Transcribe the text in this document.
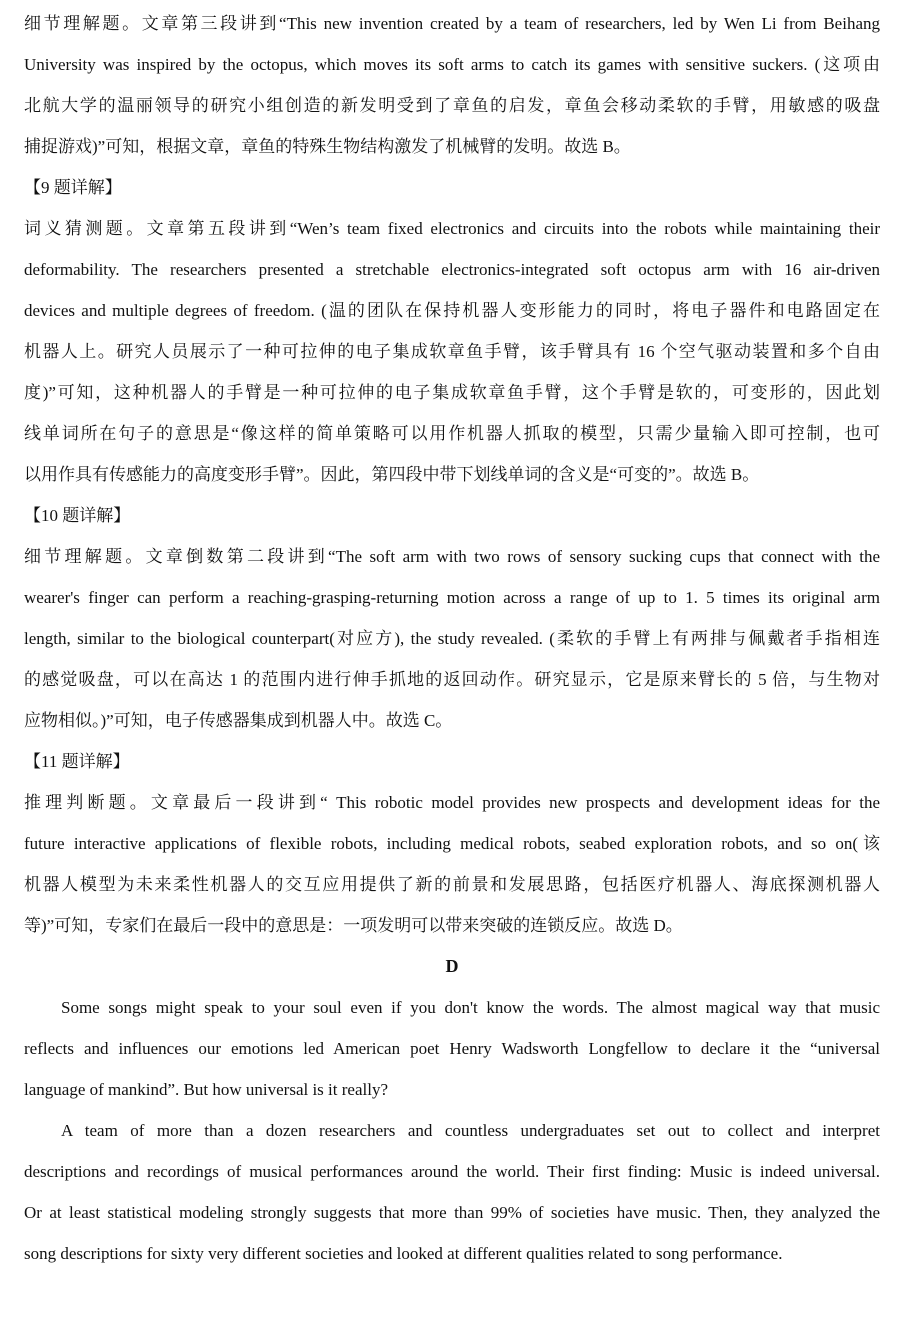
细节理解题。文章第三段讲到“This new invention created by a team of researchers, led by Wen Li from Beihang
University was inspired by the octopus, which moves its soft arms to catch its games with sensitive suckers. (这项由
北航大学的温丽领导的研究小组创造的新发明受到了章鱼的启发，章鱼会移动柔软的手臂，用敏感的吸盘
捕捉游戏)”可知，根据文章，章鱼的特殊生物结构激发了机械臂的发明。故选 B。
【9 题详解】
词义猜测题。文章第五段讲到“Wen’s team fixed electronics and circuits into the robots while maintaining their
deformability. The researchers presented a stretchable electronics-integrated soft octopus arm with 16 air-driven
devices and multiple degrees of freedom. (温的团队在保持机器人变形能力的同时，将电子器件和电路固定在
机器人上。研究人员展示了一种可拉伸的电子集成软章鱼手臂，该手臂具有 16 个空气驱动装置和多个自由
度)”可知，这种机器人的手臂是一种可拉伸的电子集成软章鱼手臂，这个手臂是软的，可变形的，因此划
线单词所在句子的意思是“像这样的简单策略可以用作机器人抓取的模型，只需少量输入即可控制，也可
以用作具有传感能力的高度变形手臂”。因此，第四段中带下划线单词的含义是“可变的”。故选 B。
【10 题详解】
细节理解题。文章倒数第二段讲到“The soft arm with two rows of sensory sucking cups that connect with the
wearer's finger can perform a reaching-grasping-returning motion across a range of up to 1. 5 times its original arm
length, similar to the biological counterpart(对应方), the study revealed. (柔软的手臂上有两排与佩戴者手指相连
的感觉吸盘，可以在高达 1 的范围内进行伸手抓地的返回动作。研究显示，它是原来臂长的 5 倍，与生物对
应物相似。)”可知，电子传感器集成到机器人中。故选 C。
【11 题详解】
推理判断题。文章最后一段讲到“ This robotic model provides new prospects and development ideas for the
future interactive applications of flexible robots, including medical robots, seabed exploration robots, and so on(该
机器人模型为未来柔性机器人的交互应用提供了新的前景和发展思路，包括医疗机器人、海底探测机器人
等)”可知，专家们在最后一段中的意思是：一项发明可以带来突破的连锁反应。故选 D。
D
Some songs might speak to your soul even if you don't know the words. The almost magical way that music
reflects and influences our emotions led American poet Henry Wadsworth Longfellow to declare it the “universal
language of mankind”. But how universal is it really?
A team of more than a dozen researchers and countless undergraduates set out to collect and interpret
descriptions and recordings of musical performances around the world. Their first finding: Music is indeed universal.
Or at least statistical modeling strongly suggests that more than 99% of societies have music. Then, they analyzed the
song descriptions for sixty very different societies and looked at different qualities related to song performance.
